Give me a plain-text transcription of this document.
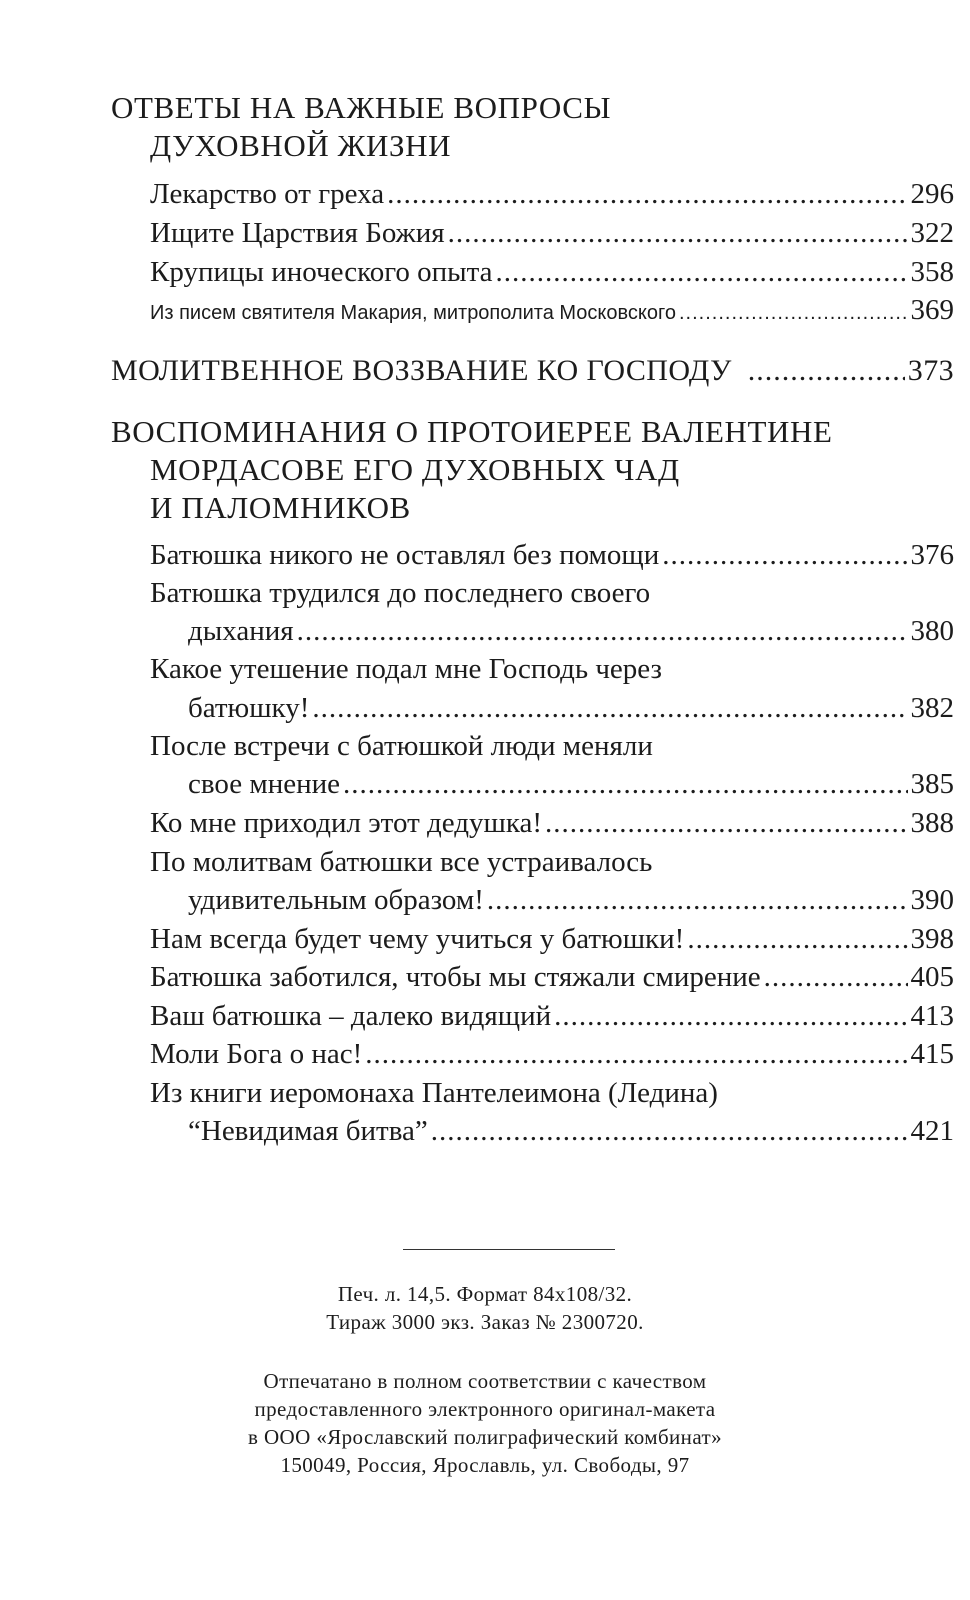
ОТВЕТЫ НА ВАЖНЫЕ ВОПРОСЫ
ДУХОВНОЙ ЖИЗНИ
Лекарство от греха .....	296
Ищите Царствия Божия .....	322
Крупицы иноческого опыта .....	358
Из писем святителя Макария, митрополита Московского .....	369
МОЛИТВЕННОЕ ВОЗЗВАНИЕ КО ГОСПОДУ .....	373
ВОСПОМИНАНИЯ О ПРОТОИЕРЕЕ ВАЛЕНТИНЕ
МОРДАСОВЕ ЕГО ДУХОВНЫХ ЧАД
И ПАЛОМНИКОВ
Батюшка никого не оставлял без помощи .....	376
Батюшка трудился до последнего своего
дыхания .....	380
Какое утешение подал мне Господь через
батюшку! .....	382
После встречи с батюшкой люди меняли
свое мнение .....	385
Ко мне приходил этот дедушка! .....	388
По молитвам батюшки все устраивалось
удивительным образом! .....	390
Нам всегда будет чему учиться у батюшки! .....	398
Батюшка заботился, чтобы мы стяжали смирение .....	405
Ваш батюшка – далеко видящий .....	413
Моли Бога о нас! .....	415
Из книги иеромонаха Пантелеимона (Ледина)
“Невидимая битва” .....	421
Печ. л. 14,5. Формат 84x108/32.
Тираж 3000 экз. Заказ № 2300720.
Отпечатано в полном соответствии с качеством
предоставленного электронного оригинал-макета
в ООО «Ярославский полиграфический комбинат»
150049, Россия, Ярославль, ул. Свободы, 97
